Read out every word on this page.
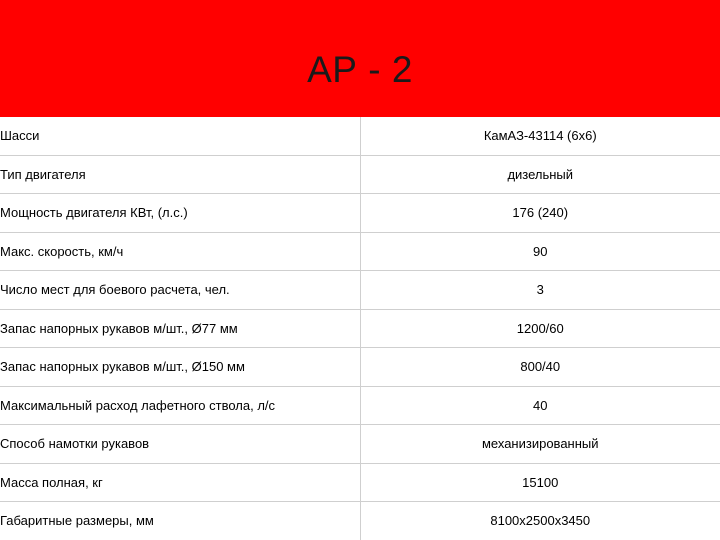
АР - 2
Шасси	КамАЗ-43114 (6х6)
Тип двигателя	дизельный
Мощность двигателя КВт, (л.с.)	176 (240)
Макс. скорость, км/ч	90
Число мест для боевого расчета, чел.	3
Запас напорных рукавов м/шт., Ø77 мм	1200/60
Запас напорных рукавов м/шт., Ø150 мм	800/40
Максимальный расход лафетного ствола, л/с	40
Способ намотки рукавов	механизированный
Масса полная, кг	15100
Габаритные размеры, мм	8100х2500х3450
